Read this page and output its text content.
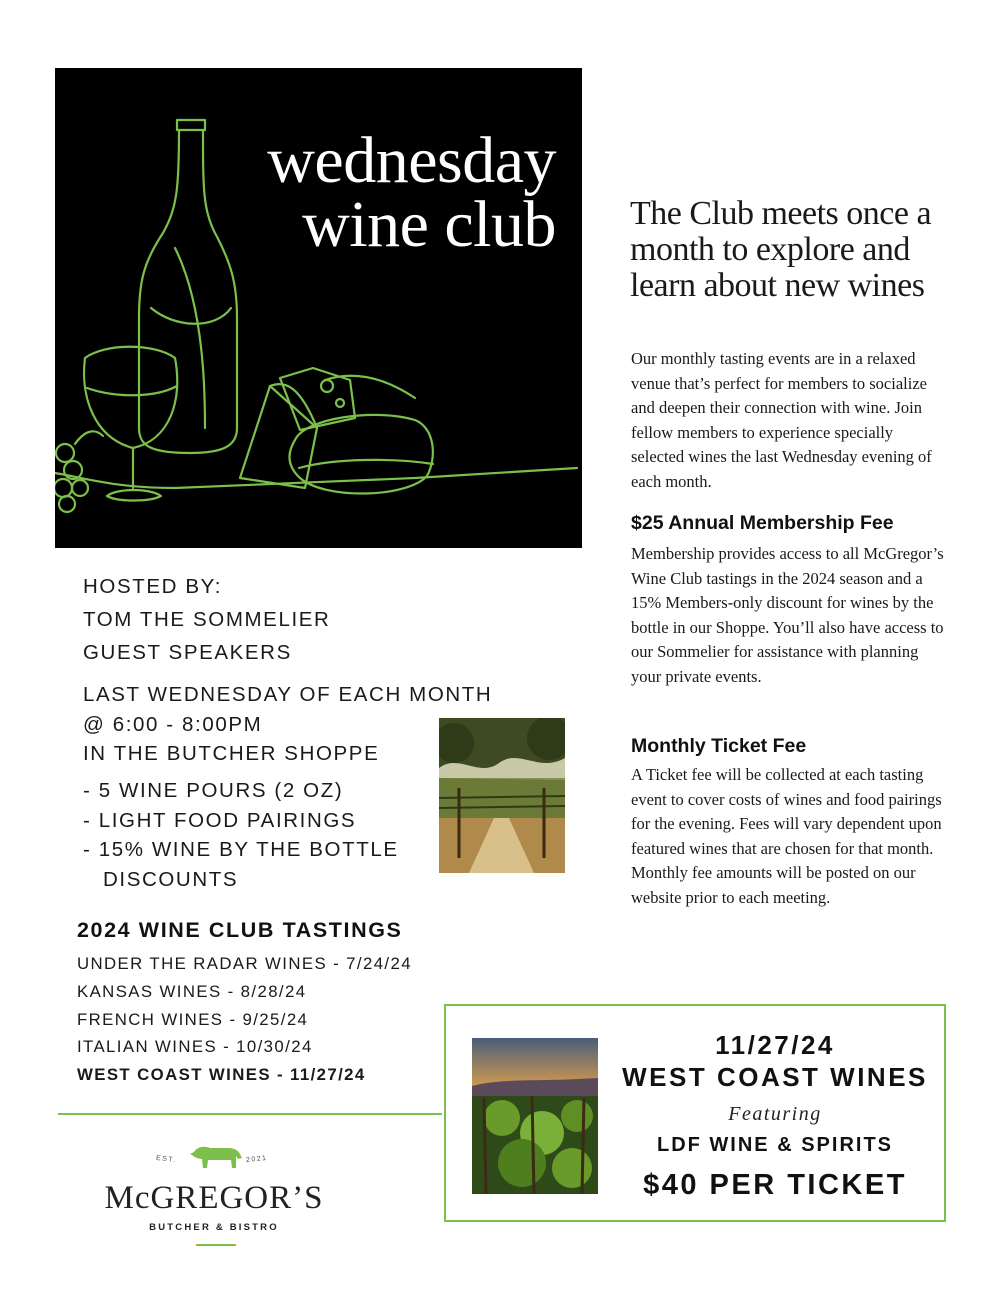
wednesday
wine club The Club meets once a month to explore and learn about new wines
Our monthly tasting events are in a relaxed venue that’s perfect for members to socialize and deepen their connection with wine. Join fellow members to experience specially selected wines the last Wednesday evening of each month.
$25 Annual Membership Fee
Membership provides access to all McGregor’s Wine Club tastings in the 2024 season and a 15% Members-only discount for wines by the bottle in our Shoppe. You’ll also have access to our Sommelier for assistance with planning your private events.
Monthly Ticket Fee
A Ticket fee will be collected at each tasting event to cover costs of wines and food pairings for the evening. Fees will vary dependent upon featured wines that are chosen for that month. Monthly fee amounts will be posted on our website prior to each meeting.
HOSTED BY:
TOM THE SOMMELIER
GUEST SPEAKERS
LAST WEDNESDAY OF EACH MONTH
@ 6:00 - 8:00PM
IN THE BUTCHER SHOPPE
- 5 WINE POURS (2 OZ)
- LIGHT FOOD PAIRINGS
- 15% WINE BY THE BOTTLE DISCOUNTS
2024 WINE CLUB TASTINGS
UNDER THE RADAR WINES - 7/24/24
KANSAS WINES - 8/28/24
FRENCH WINES - 9/25/24
ITALIAN WINES - 10/30/24
WEST COAST WINES - 11/27/24
EST.	2021
McGREGOR’S
BUTCHER & BISTRO
11/27/24
WEST COAST WINES
Featuring
LDF WINE & SPIRITS
$40 PER TICKET
